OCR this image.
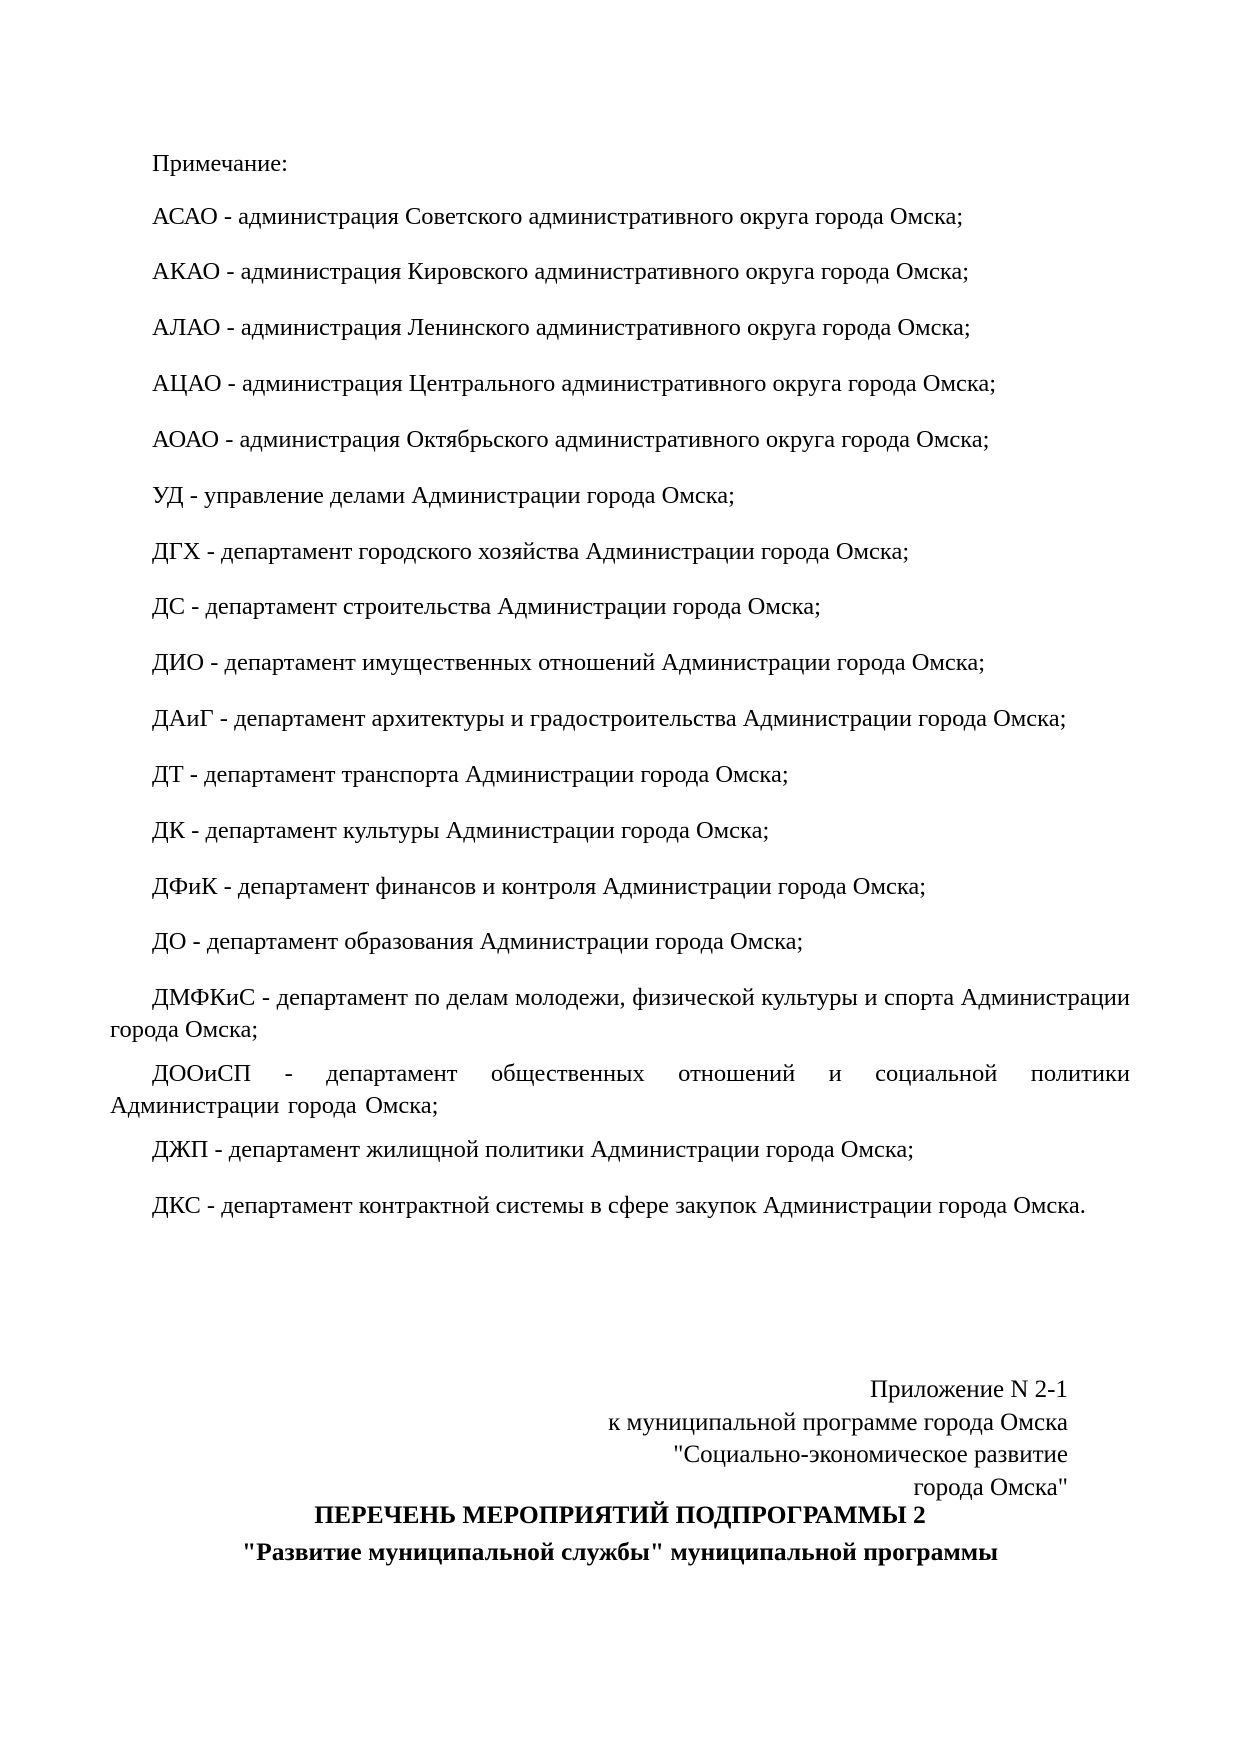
Примечание:

АСАО - администрация Советского административного округа города Омска;

АКАО - администрация Кировского административного округа города Омска;

АЛАО - администрация Ленинского административного округа города Омска;

АЦАО - администрация Центрального административного округа города Омска;

АОАО - администрация Октябрьского административного округа города Омска;

УД - управление делами Администрации города Омска;

ДГХ - департамент городского хозяйства Администрации города Омска;

ДС - департамент строительства Администрации города Омска;

ДИО - департамент имущественных отношений Администрации города Омска;

ДАиГ - департамент архитектуры и градостроительства Администрации города Омска;

ДТ - департамент транспорта Администрации города Омска;

ДК - департамент культуры Администрации города Омска;

ДФиК - департамент финансов и контроля Администрации города Омска;

ДО - департамент образования Администрации города Омска;

ДМФКиС - департамент по делам молодежи, физической культуры и спорта Администрации города Омска;

ДООиСП - департамент общественных отношений и социальной политики Администрации города Омска;

ДЖП - департамент жилищной политики Администрации города Омска;

ДКС - департамент контрактной системы в сфере закупок Администрации города Омска.

Приложение N 2-1
к муниципальной программе города Омска
"Социально-экономическое развитие
города Омска"
ПЕРЕЧЕНЬ МЕРОПРИЯТИЙ ПОДПРОГРАММЫ 2
"Развитие муниципальной службы" муниципальной программы
